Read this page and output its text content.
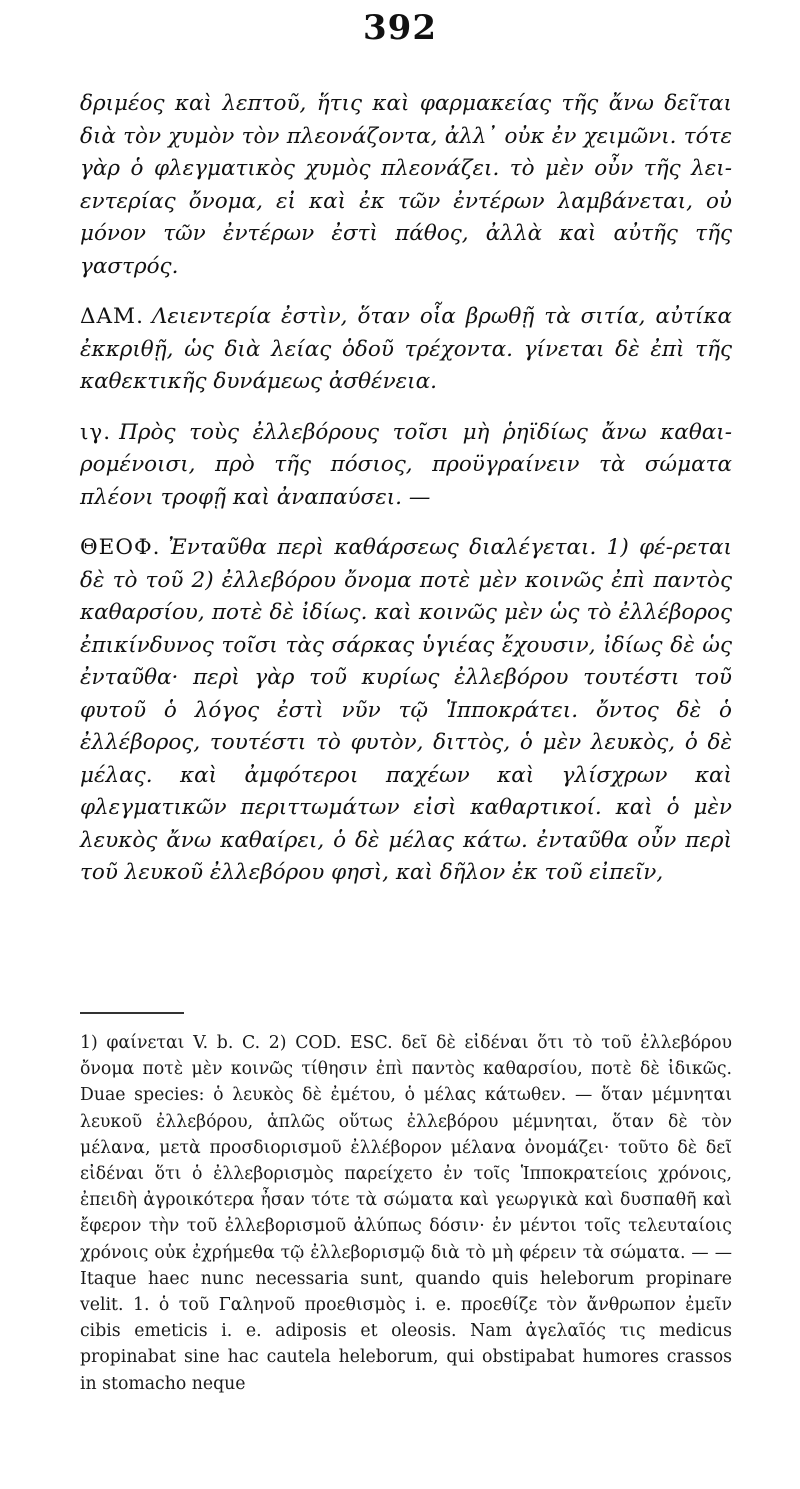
392

δριμέος καὶ λεπτοῦ, ἥτις καὶ φαρμακείας τῆς ἄνω δεῖται διὰ τὸν χυμὸν τὸν πλεονάζοντα, ἀλλ᾽ οὐκ ἐν χειμῶνι. τότε γὰρ ὁ φλεγματικὸς χυμὸς πλεονάζει. τὸ μὲν οὖν τῆς λει-εντερίας ὄνομα, εἰ καὶ ἐκ τῶν ἐντέρων λαμβάνεται, οὐ μόνον τῶν ἐντέρων ἐστὶ πάθος, ἀλλὰ καὶ αὐτῆς τῆς γαστρός.

ΔΑΜ. Λειεντερία ἐστὶν, ὅταν οἷα βρωθῇ τὰ σιτία, αὐτίκα ἐκκριθῇ, ὡς διὰ λείας ὁδοῦ τρέχοντα. γίνεται δὲ ἐπὶ τῆς καθεκτικῆς δυνάμεως ἀσθένεια.

ιγ. Πρὸς τοὺς ἐλλεβόρους τοῖσι μὴ ῥηϊδίως ἄνω καθαι-ρομένοισι, πρὸ τῆς πόσιος, προϋγραίνειν τὰ σώματα πλέονι τροφῇ καὶ ἀναπαύσει. —

ΘΕΟΦ. Ἐνταῦθα περὶ καθάρσεως διαλέγεται. 1) φέ-ρεται δὲ τὸ τοῦ 2) ἐλλεβόρου ὄνομα ποτὲ μὲν κοινῶς ἐπὶ παντὸς καθαρσίου, ποτὲ δὲ ἰδίως. καὶ κοινῶς μὲν ὡς τὸ ἐλλέβορος ἐπικίνδυνος τοῖσι τὰς σάρκας ὑγιέας ἔχουσιν, ἰδίως δὲ ὡς ἐνταῦθα· περὶ γὰρ τοῦ κυρίως ἐλλεβόρου τουτέστι τοῦ φυτοῦ ὁ λόγος ἐστὶ νῦν τῷ Ἱπποκράτει. ὄντος δὲ ὁ ἐλλέβορος, τουτέστι τὸ φυτὸν, διττὸς, ὁ μὲν λευκὸς, ὁ δὲ μέλας. καὶ ἀμφότεροι παχέων καὶ γλίσχρων καὶ φλεγματικῶν περιττωμάτων εἰσὶ καθαρτικοί. καὶ ὁ μὲν λευκὸς ἄνω καθαίρει, ὁ δὲ μέλας κάτω. ἐνταῦθα οὖν περὶ τοῦ λευκοῦ ἐλλεβόρου φησὶ, καὶ δῆλον ἐκ τοῦ εἰπεῖν,

1) φαίνεται V. b. C. 2) COD. ESC. δεῖ δὲ εἰδέναι ὅτι τὸ τοῦ ἐλλεβόρου ὄνομα ποτὲ μὲν κοινῶς τίθησιν ἐπὶ παντὸς καθαρσίου, ποτὲ δὲ ἰδικῶς. Duae species: ὁ λευκὸς δὲ ἐμέτου, ὁ μέλας κάτωθεν. — ὅταν μέμνηται λευκοῦ ἐλλεβόρου, ἁπλῶς οὕτως ἐλλεβόρου μέμνηται, ὅταν δὲ τὸν μέλανα, μετὰ προσδιορισμοῦ ἐλλέβορον μέλανα ὀνομάζει· τοῦτο δὲ δεῖ εἰδέναι ὅτι ὁ ἐλλεβορισμὸς παρείχετο ἐν τοῖς Ἱπποκρατείοις χρόνοις, ἐπειδὴ ἀγροικότερα ἦσαν τότε τὰ σώματα καὶ γεωργικὰ καὶ δυσπαθῆ καὶ ἔφερον τὴν τοῦ ἐλλεβορισμοῦ ἀλύπως δόσιν· ἐν μέντοι τοῖς τελευταίοις χρόνοις οὐκ ἐχρήμεθα τῷ ἐλλεβορισμῷ διὰ τὸ μὴ φέρειν τὰ σώματα. — — Itaque haec nunc necessaria sunt, quando quis heleborum propinare velit. 1. ὁ τοῦ Γαληνοῦ προεθισμὸς i. e. προεθίζε τὸν ἄνθρωπον ἐμεῖν cibis emeticis i. e. adiposis et oleosis. Nam ἀγελαῖός τις medicus propinabat sine hac cautela heleborum, qui obstipabat humores crassos in stomacho neque
